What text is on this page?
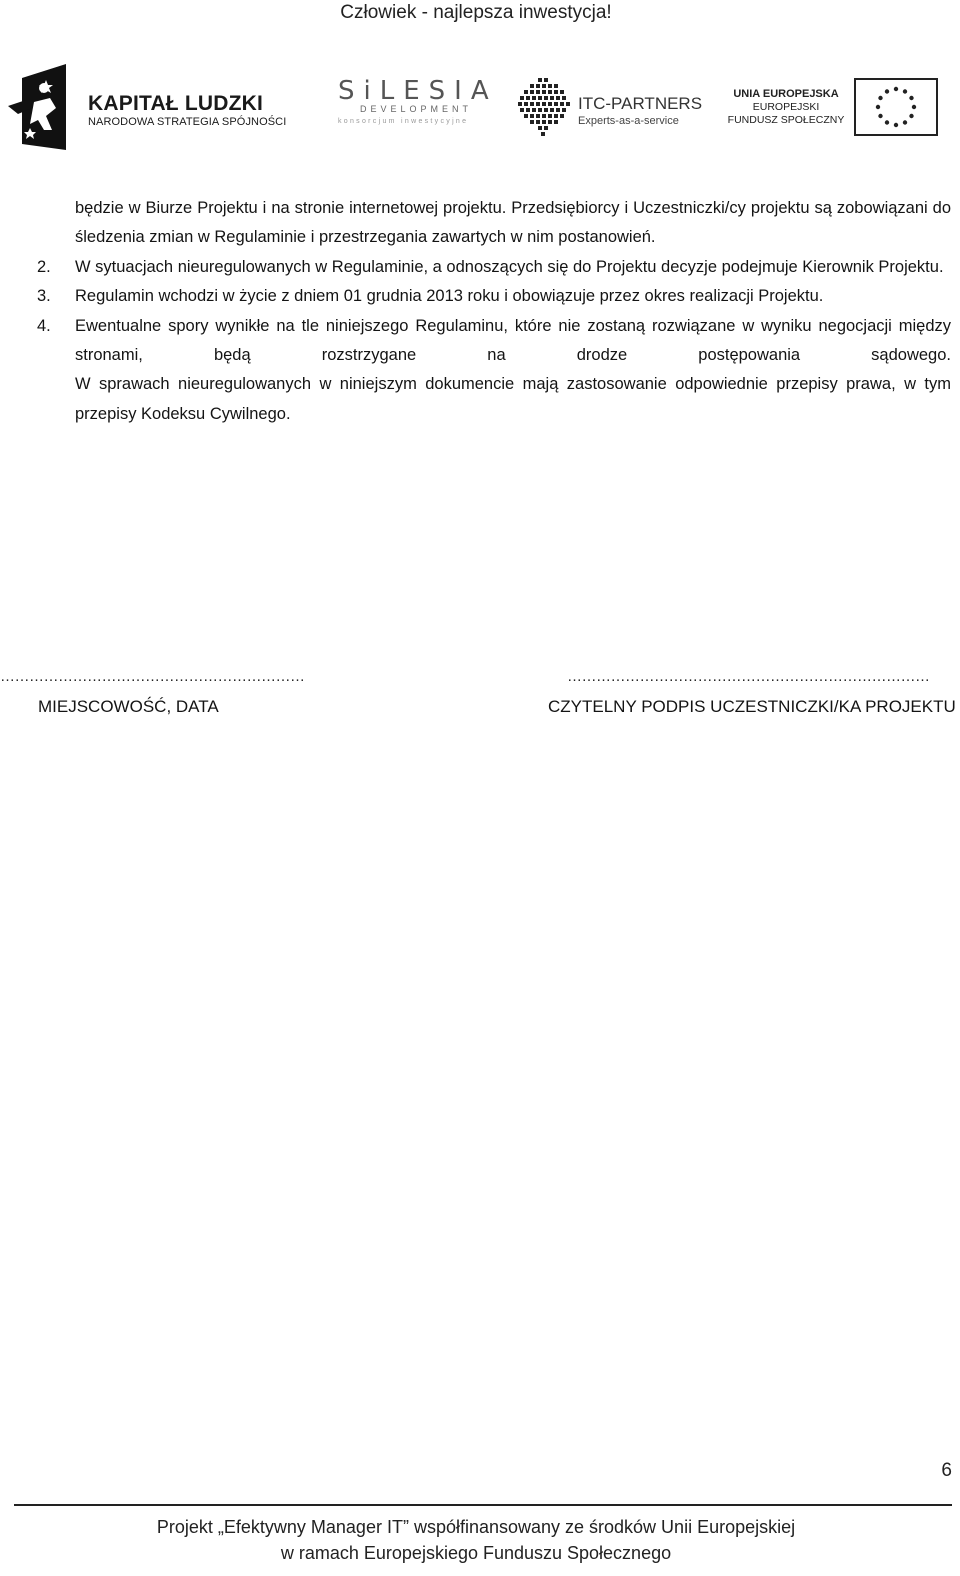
Człowiek - najlepsza inwestycja!
KAPITAŁ LUDZKI
NARODOWA STRATEGIA SPÓJNOŚCI
SiLESIA
DEVELOPMENT
konsorcjum inwestycyjne
ITC-PARTNERS
Experts-as-a-service
UNIA EUROPEJSKA
EUROPEJSKI
FUNDUSZ SPOŁECZNY
będzie w Biurze Projektu i na stronie internetowej projektu. Przedsiębiorcy i Uczestniczki/cy projektu są zobowiązani do śledzenia zmian w Regulaminie i przestrzegania zawartych w nim postanowień.
2. W sytuacjach nieuregulowanych w Regulaminie, a odnoszących się do Projektu decyzje podejmuje Kierownik Projektu.
3. Regulamin wchodzi w życie z dniem 01 grudnia 2013 roku i obowiązuje przez okres realizacji Projektu.
4. Ewentualne spory wynikłe na tle niniejszego Regulaminu, które nie zostaną rozwiązane w wyniku negocjacji między stronami, będą rozstrzygane na drodze postępowania sądowego.
W sprawach nieuregulowanych w niniejszym dokumencie mają zastosowanie odpowiednie przepisy prawa, w tym przepisy Kodeksu Cywilnego.
………………………………………………………	…………………………………………………………………
MIEJSCOWOŚĆ, DATA	CZYTELNY PODPIS UCZESTNICZKI/KA PROJEKTU
6
Projekt „Efektywny Manager IT” współfinansowany ze środków Unii Europejskiej
w ramach Europejskiego Funduszu Społecznego
